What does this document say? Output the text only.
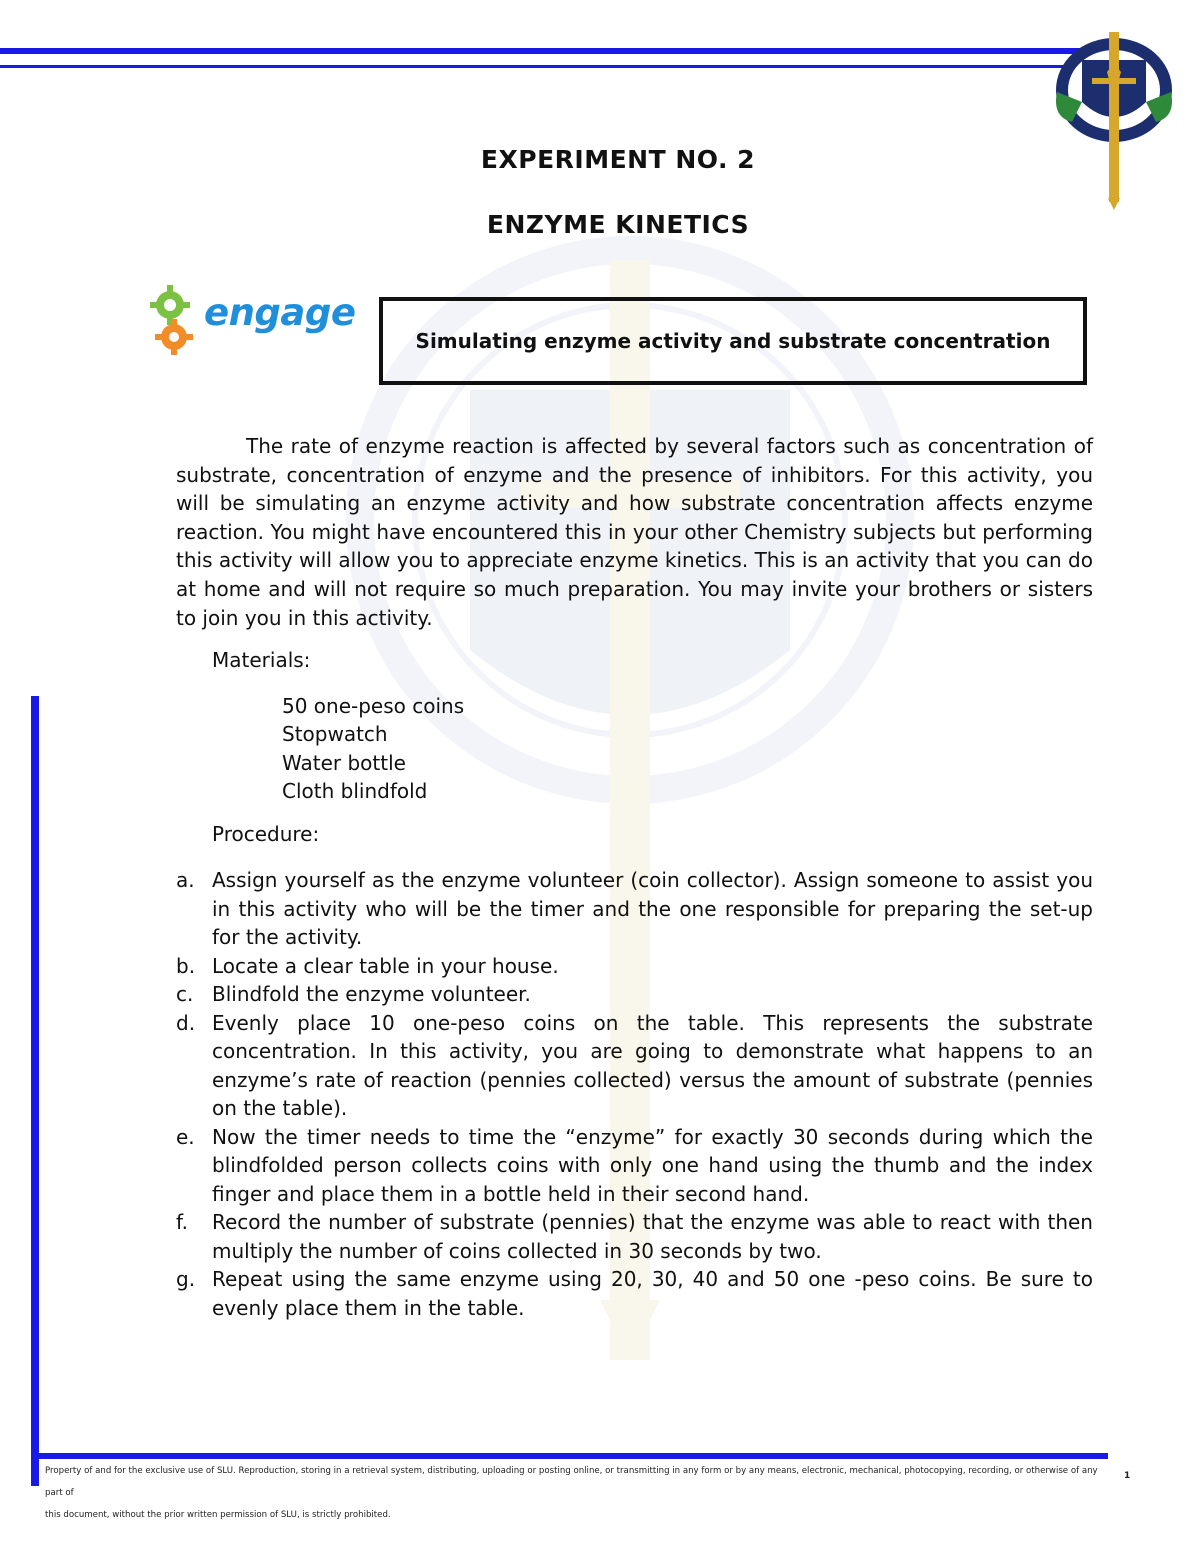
EXPERIMENT NO. 2
ENZYME KINETICS
engage
Simulating enzyme activity and substrate concentration
The rate of enzyme reaction is affected by several factors such as concentration of substrate, concentration of enzyme and the presence of inhibitors. For this activity, you will be simulating an enzyme activity and how substrate concentration affects enzyme reaction. You might have encountered this in your other Chemistry subjects but performing this activity will allow you to appreciate enzyme kinetics. This is an activity that you can do at home and will not require so much preparation. You may invite your brothers or sisters to join you in this activity.
Materials:
50 one-peso coins
Stopwatch
Water bottle
Cloth blindfold
Procedure:
a. Assign yourself as the enzyme volunteer (coin collector). Assign someone to assist you in this activity who will be the timer and the one responsible for preparing the set-up for the activity.
b. Locate a clear table in your house.
c. Blindfold the enzyme volunteer.
d. Evenly place 10 one-peso coins on the table. This represents the substrate concentration. In this activity, you are going to demonstrate what happens to an enzyme’s rate of reaction (pennies collected) versus the amount of substrate (pennies on the table).
e. Now the timer needs to time the “enzyme” for exactly 30 seconds during which the blindfolded person collects coins with only one hand using the thumb and the index finger and place them in a bottle held in their second hand.
f.	Record the number of substrate (pennies) that the enzyme was able to react with then multiply the number of coins collected in 30 seconds by two.
g. Repeat using the same enzyme using 20, 30, 40 and 50 one -peso coins. Be sure to evenly place them in the table.
Property of and for the exclusive use of SLU. Reproduction, storing in a retrieval system, distributing, uploading or posting online, or transmitting in any form or by any means, electronic, mechanical, photocopying, recording, or otherwise of any part of
this document, without the prior written permission of SLU, is strictly prohibited.
1
